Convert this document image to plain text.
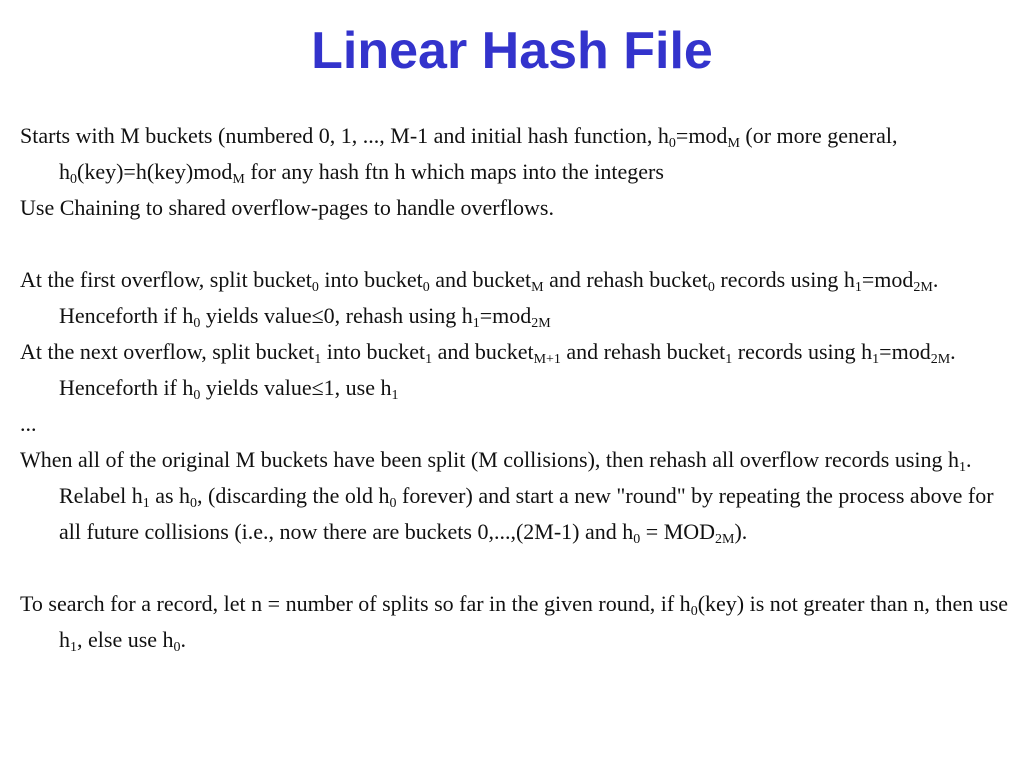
Linear Hash File

Starts with M buckets (numbered 0, 1, ..., M-1 and initial hash function, $h_0=mod_M$ (or more general, $h_0(key)=h(key)mod_M$ for any hash ftn h which maps into the integers

Use Chaining to shared overflow-pages to handle overflows.

At the first overflow, split bucket$_0$ into bucket$_0$ and bucket$_M$ and rehash bucket$_0$ records using $h_1=mod_{2M}$. Henceforth if $h_0$ yields value≤0, rehash using $h_1=mod_{2M}$

At the next overflow, split bucket$_1$ into bucket$_1$ and bucket$_{M+1}$ and rehash bucket$_1$ records using $h_1=mod_{2M}$. Henceforth if $h_0$ yields value≤1, use $h_1$

...

When all of the original M buckets have been split (M collisions), then rehash all overflow records using $h_1$. Relabel $h_1$ as $h_0$, (discarding the old $h_0$ forever) and start a new "round" by repeating the process above for all future collisions (i.e., now there are buckets 0,...,(2M-1) and $h_0 = MOD_{2M}$).

To search for a record, let n = number of splits so far in the given round, if $h_0(key)$ is not greater than n, then use $h_1$, else use $h_0$.
